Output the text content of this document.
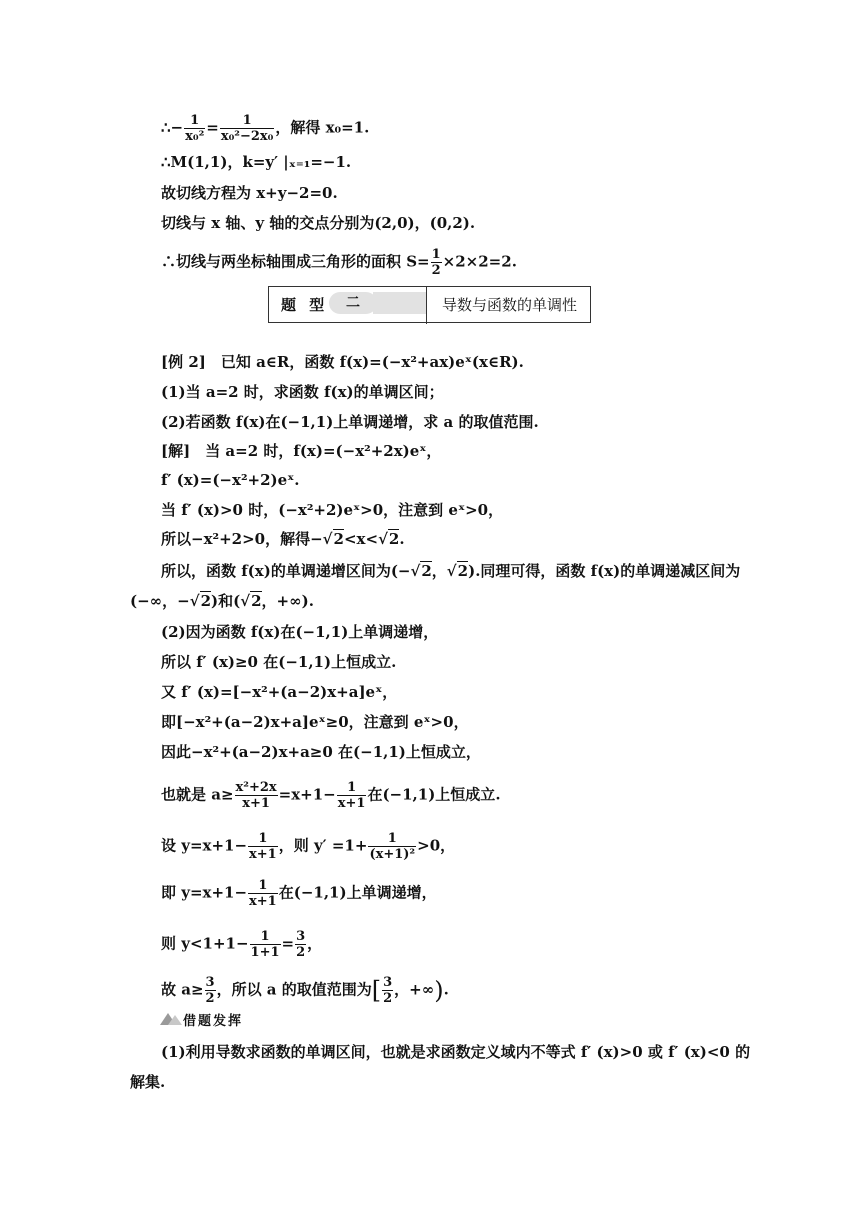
∴− $\frac{1}{\text{x₀²}} = \frac{1}{\text{x₀²−2x₀}}$ ，解得 x₀=1.
∴M(1,1)，k=y′ |ₓ₌₁=−1.
故切线方程为 x+y−2=0.
切线与 x 轴、y 轴的交点分别为(2,0)，(0,2).
∴切线与两坐标轴围成三角形的面积 $S= \frac{1}{2} \times 2\times 2=2$.
题 型	二	导数与函数的单调性
[例 2]　已知 a∈R，函数 f(x)=(−x²+ax)eˣ(x∈R).
(1)当 a=2 时，求函数 f(x)的单调区间；
(2)若函数 f(x)在(−1,1)上单调递增，求 a 的取值范围.
[解]　当 a=2 时，f(x)=(−x²+2x)eˣ，
f′ (x)=(−x²+2)eˣ.
当 f′ (x)>0 时，(−x²+2)eˣ>0，注意到 eˣ>0，
所以−x²+2>0，解得−√2<x<√2.
所以，函数 f(x)的单调递增区间为(−√2，√2).同理可得，函数 f(x)的单调递减区间为
(−∞，−√2)和(√2，+∞).
(2)因为函数 f(x)在(−1,1)上单调递增，
所以 f′ (x)≥0 在(−1,1)上恒成立.
又 f′ (x)=[−x²+(a−2)x+a]eˣ，
即[−x²+(a−2)x+a]eˣ≥0，注意到 eˣ>0，
因此−x²+(a−2)x+a≥0 在(−1,1)上恒成立，
也就是 $a\ge \frac{\text{x²+2x}}{x+1} =x+1- \frac{1}{x+1}$ 在(−1,1)上恒成立.
设 $y=x+1- \frac{1}{x+1}$ ，则 $y' =1+ \frac{1}{\text{(x+1)²}} >0$，
即 $y=x+1- \frac{1}{x+1}$ 在(−1,1)上单调递增，
则 $y<1+1- \frac{1}{1+1} = \frac{3}{2}$ ，
故 $a\ge \frac{3}{2}$ ，所以 a 的取值范围为[ $\frac{3}{2}$ ，+∞).
借题发挥
(1)利用导数求函数的单调区间，也就是求函数定义域内不等式 f′ (x)>0 或 f′ (x)<0 的
解集.
